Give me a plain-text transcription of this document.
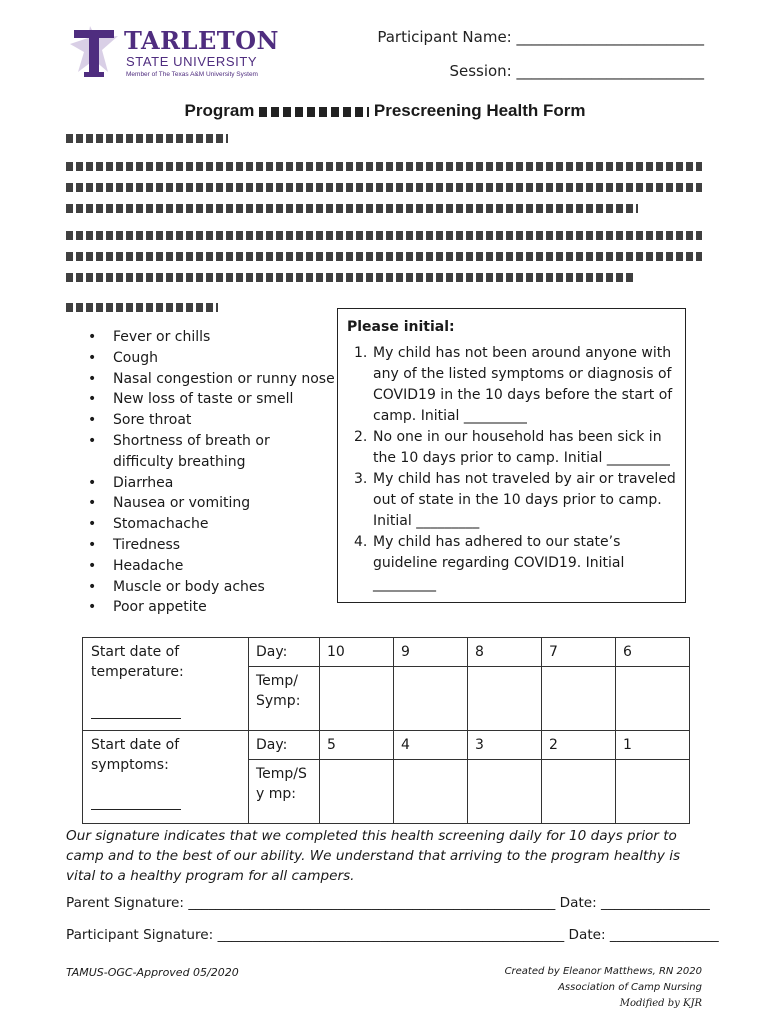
TARLETON
STATE UNIVERSITY
Member of The Texas A&M University System
Participant Name: _________________________
Session: _________________________
Program	Prescreening Health Form
• Fever or chills
• Cough
• Nasal congestion or runny nose
• New loss of taste or smell
• Sore throat
• Shortness of breath or difficulty breathing
• Diarrhea
• Nausea or vomiting
• Stomachache
• Tiredness
• Headache
• Muscle or body aches
• Poor appetite
Please initial:
1. My child has not been around anyone with any of the listed symptoms or diagnosis of COVID19 in the 10 days before the start of camp. Initial _________
2. No one in our household has been sick in the 10 days prior to camp. Initial _________
3. My child has not traveled by air or traveled out of state in the 10 days prior to camp. Initial _________
4. My child has adhered to our state’s guideline regarding COVID19. Initial _________
Start date of temperature:	Day:	10	9	8	7	6
	Temp/ Symp:					

Start date of symptoms:	Day:	5	4	3	2	1
	Temp/Sy mp:					
Our signature indicates that we completed this health screening daily for 10 days prior to camp and to the best of our ability. We understand that arriving to the program healthy is vital to a healthy program for all campers.
Parent Signature: ______________________________________________________ Date: ________________
Participant Signature: ___________________________________________________ Date: ________________
TAMUS-OGC-Approved 05/2020	Created by Eleanor Matthews, RN 2020
Association of Camp Nursing
Modified by KJR
